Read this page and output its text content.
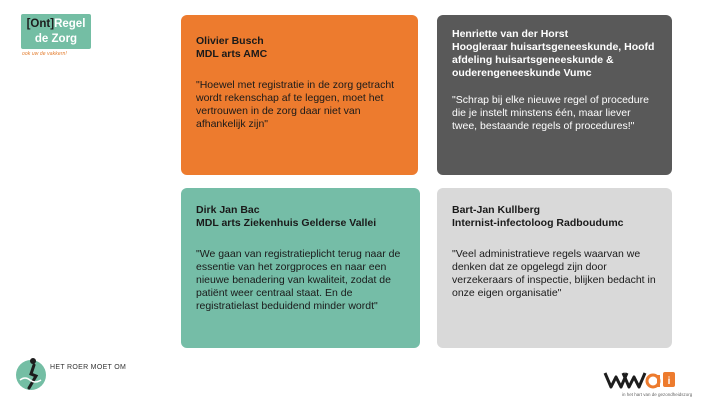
[Ont]Regel
de Zorg
ook uw de vakkern!

Olivier Busch

MDL arts AMC

"Hoewel met registratie in de zorg getracht wordt rekenschap af te leggen, moet het vertrouwen in de zorg daar niet van afhankelijk zijn"

Henriette van der Horst

Hoogleraar huisartsgeneeskunde, Hoofd afdeling huisartsgeneeskunde & ouderengeneeskunde Vumc

"Schrap bij elke nieuwe regel of procedure die je instelt minstens één, maar liever twee, bestaande regels of procedures!"

Dirk Jan Bac

MDL arts Ziekenhuis Gelderse Vallei

"We gaan van registratieplicht terug naar de essentie van het zorgproces en naar een nieuwe benadering van kwaliteit, zodat de patiënt weer centraal staat. En de registratielast beduidend minder wordt"

Bart-Jan Kullberg

Internist-infectoloog Radboudumc

"Veel administratieve regels waarvan we denken dat ze opgelegd zijn door verzekeraars of inspectie, blijken bedacht in onze eigen organisatie"
HET ROER MOET OM
i
in het hart van de gezondheidszorg
